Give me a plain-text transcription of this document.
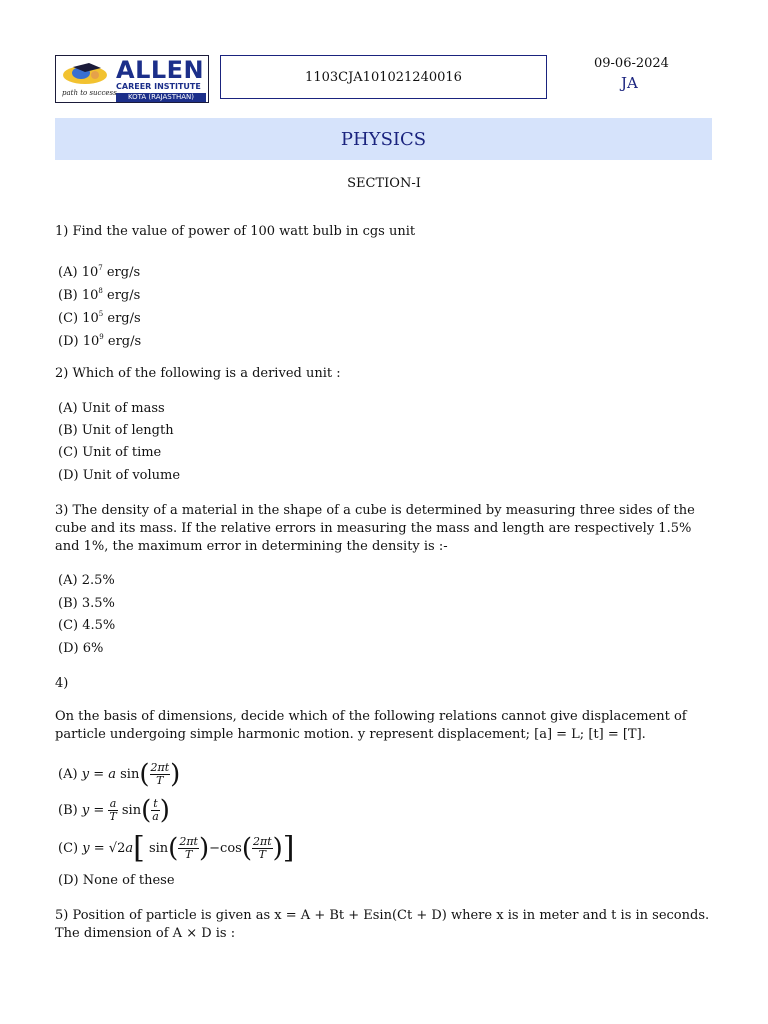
ALLEN
CAREER INSTITUTE
KOTA (RAJASTHAN)
path to success
1103CJA101021240016
09-06-2024
JA
PHYSICS
SECTION-I
1) Find the value of power of 100 watt bulb in cgs unit
(A) $10^7$ erg/s
(B) $10^8$ erg/s
(C) $10^5$ erg/s
(D) $10^9$ erg/s
2) Which of the following is a derived unit :
(A) Unit of mass
(B) Unit of length
(C) Unit of time
(D) Unit of volume
3) The density of a material in the shape of a cube is determined by measuring three sides of the cube and its mass. If the relative errors in measuring the mass and length are respectively 1.5% and 1%, the maximum error in determining the density is :-
(A) 2.5%
(B) 3.5%
(C) 4.5%
(D) 6%
4)
On the basis of dimensions, decide which of the following relations cannot give displacement of particle undergoing simple harmonic motion. y represent displacement; [a] = L; [t] = [T].
(A) y = a $\sin( \frac{2\pi t}{T}$ )
(B) $y = \frac{a}{T} \sin( \frac{t}{a}$ )
(C) y = √2a[ $\sin( \frac{2\pi t}{T} )-\cos( \frac{2\pi t}{T}$ )]
(D) None of these
5) Position of particle is given as x = A + Bt + Esin(Ct + D) where x is in meter and t is in seconds. The dimension of A × D is :
